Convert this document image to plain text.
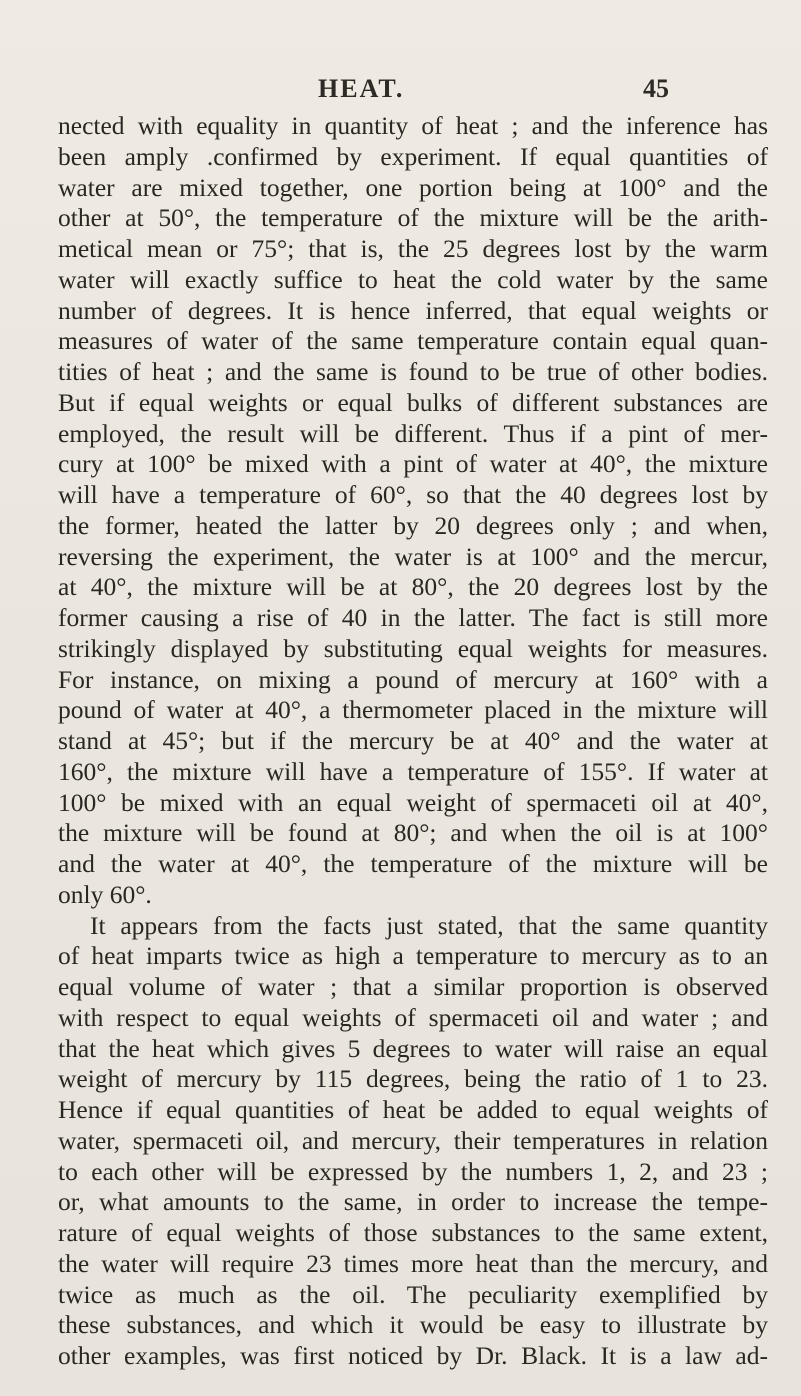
HEAT.	45
nected with equality in quantity of heat ; and the inference has
been amply .confirmed by experiment. If equal quantities of
water are mixed together, one portion being at 100° and the
other at 50°, the temperature of the mixture will be the arith-
metical mean or 75°; that is, the 25 degrees lost by the warm
water will exactly suffice to heat the cold water by the same
number of degrees. It is hence inferred, that equal weights or
measures of water of the same temperature contain equal quan-
tities of heat ; and the same is found to be true of other bodies.
But if equal weights or equal bulks of different substances are
employed, the result will be different. Thus if a pint of mer-
cury at 100° be mixed with a pint of water at 40°, the mixture
will have a temperature of 60°, so that the 40 degrees lost by
the former, heated the latter by 20 degrees only ; and when,
reversing the experiment, the water is at 100° and the mercur,
at 40°, the mixture will be at 80°, the 20 degrees lost by the
former causing a rise of 40 in the latter. The fact is still more
strikingly displayed by substituting equal weights for measures.
For instance, on mixing a pound of mercury at 160° with a
pound of water at 40°, a thermometer placed in the mixture will
stand at 45°; but if the mercury be at 40° and the water at
160°, the mixture will have a temperature of 155°. If water at
100° be mixed with an equal weight of spermaceti oil at 40°,
the mixture will be found at 80°; and when the oil is at 100°
and the water at 40°, the temperature of the mixture will be
only 60°.
It appears from the facts just stated, that the same quantity
of heat imparts twice as high a temperature to mercury as to an
equal volume of water ; that a similar proportion is observed
with respect to equal weights of spermaceti oil and water ; and
that the heat which gives 5 degrees to water will raise an equal
weight of mercury by 115 degrees, being the ratio of 1 to 23.
Hence if equal quantities of heat be added to equal weights of
water, spermaceti oil, and mercury, their temperatures in relation
to each other will be expressed by the numbers 1, 2, and 23 ;
or, what amounts to the same, in order to increase the tempe-
rature of equal weights of those substances to the same extent,
the water will require 23 times more heat than the mercury, and
twice as much as the oil. The peculiarity exemplified by
these substances, and which it would be easy to illustrate by
other examples, was first noticed by Dr. Black. It is a law ad-
